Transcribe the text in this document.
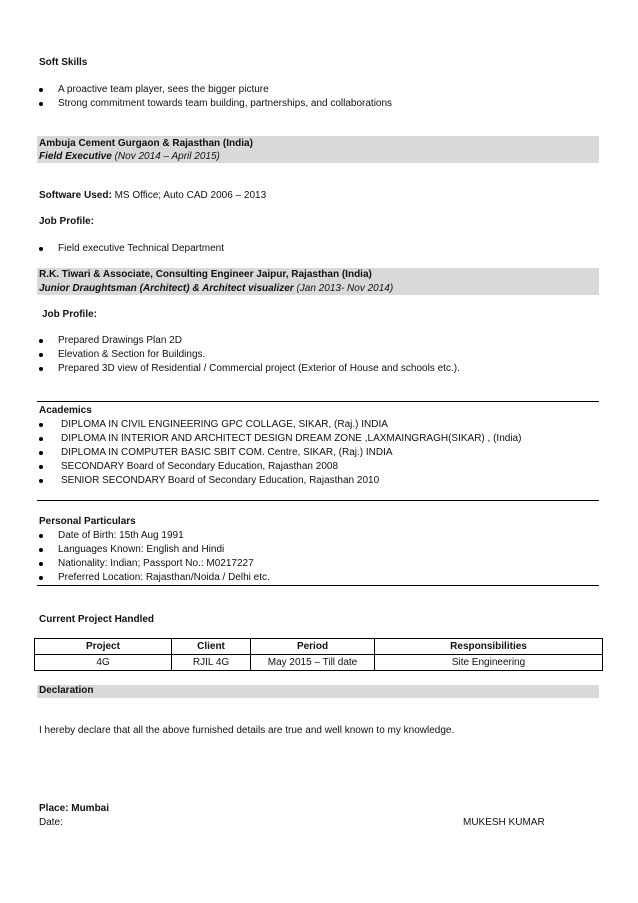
Soft Skills
A proactive team player, sees the bigger picture
Strong commitment towards team building, partnerships, and collaborations
Ambuja Cement Gurgaon & Rajasthan (India)
Field Executive (Nov 2014 – April 2015)
Software Used: MS Office; Auto CAD 2006 – 2013
Job Profile:
Field executive Technical Department
R.K. Tiwari & Associate, Consulting Engineer Jaipur, Rajasthan (India)
Junior Draughtsman (Architect) & Architect visualizer (Jan 2013- Nov 2014)
Job Profile:
Prepared Drawings Plan 2D
Elevation & Section for Buildings.
Prepared 3D view of Residential / Commercial project (Exterior of House and schools etc.).
Academics
DIPLOMA IN CIVIL ENGINEERING GPC COLLAGE, SIKAR, (Raj.) INDIA
DIPLOMA IN INTERIOR AND ARCHITECT DESIGN DREAM ZONE ,LAXMAINGRAGH(SIKAR) , (India)
DIPLOMA IN COMPUTER BASIC SBIT COM. Centre, SIKAR, (Raj.) INDIA
SECONDARY Board of Secondary Education, Rajasthan 2008
SENIOR SECONDARY Board of Secondary Education, Rajasthan 2010
Personal Particulars
Date of Birth: 15th Aug 1991
Languages Known: English and Hindi
Nationality: Indian; Passport No.: M0217227
Preferred Location: Rajasthan/Noida / Delhi etc.
Current Project Handled
Project	Client	Period	Responsibilities
4G	RJIL 4G	May 2015 – Till date	Site Engineering
Declaration
I hereby declare that all the above furnished details are true and well known to my knowledge.
Place: Mumbai
Date:	MUKESH KUMAR
